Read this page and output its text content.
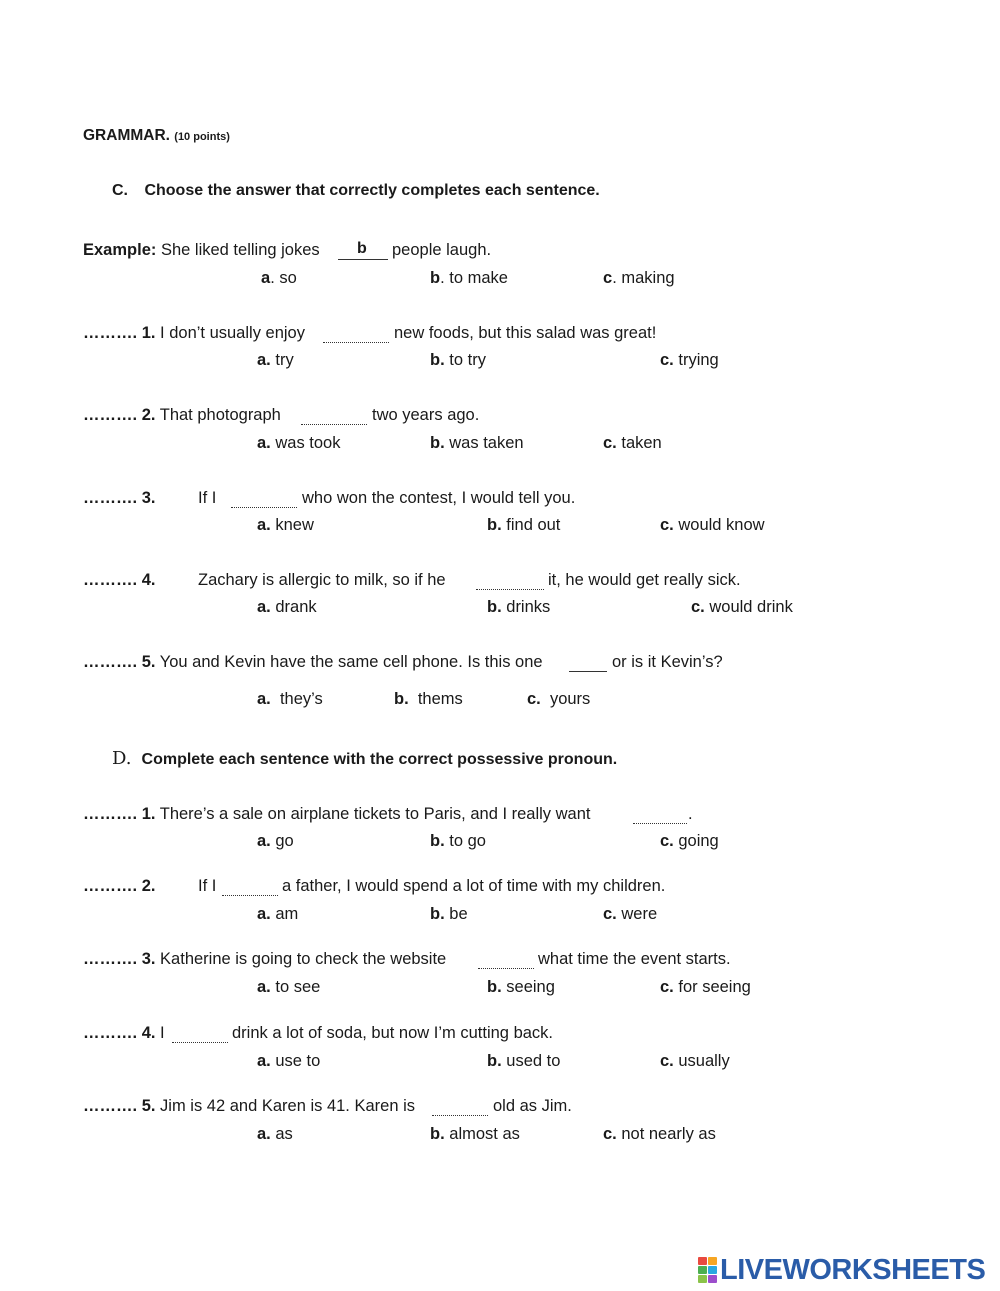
GRAMMAR. (10 points)
C. Choose the answer that correctly completes each sentence.
Example: She liked telling jokes b people laugh.
a. so	b. to make	c. making
………. 1. I don’t usually enjoy	new foods, but this salad was great!
a. try	b. to try	c. trying
………. 2. That photograph	two years ago.
a. was took	b. was taken	c. taken
………. 3.	If I	who won the contest, I would tell you.
a. knew	b. find out	c. would know
………. 4.	Zachary is allergic to milk, so if he	it, he would get really sick.
a. drank	b. drinks	c. would drink
………. 5. You and Kevin have the same cell phone. Is this one	or is it Kevin’s?
a. they’s	b. thems	c. yours
D. Complete each sentence with the correct possessive pronoun.
………. 1. There’s a sale on airplane tickets to Paris, and I really want	.
a. go	b. to go	c. going
………. 2.	If I	a father, I would spend a lot of time with my children.
a. am	b. be	c. were
………. 3. Katherine is going to check the website	what time the event starts.
a. to see	b. seeing	c. for seeing
………. 4. I	drink a lot of soda, but now I’m cutting back.
a. use to	b. used to	c. usually
………. 5. Jim is 42 and Karen is 41. Karen is	old as Jim.
a. as	b. almost as	c. not nearly as
LIVEWORKSHEETS
